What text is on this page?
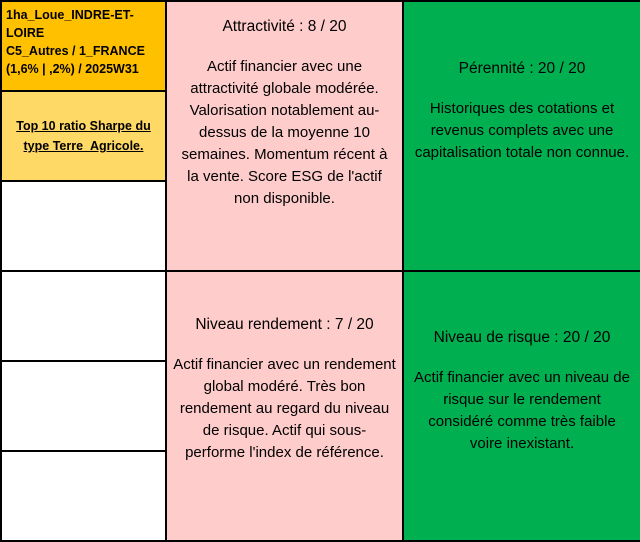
1ha_Loue_INDRE-ET-LOIRE
C5_Autres / 1_FRANCE
(1,6% | ,2%) / 2025W31
Top 10 ratio Sharpe du type Terre_Agricole.
Attractivité : 8 / 20
Actif financier avec une attractivité globale modérée. Valorisation notablement au-dessus de la moyenne 10 semaines. Momentum récent à la vente. Score ESG de l'actif non disponible.
Pérennité : 20 / 20
Historiques des cotations et revenus complets avec une capitalisation totale non connue.
Niveau rendement : 7 / 20
Actif financier avec un rendement global modéré. Très bon rendement au regard du niveau de risque. Actif qui sous-performe l'index de référence.
Niveau de risque : 20 / 20
Actif financier avec un niveau de risque sur le rendement considéré comme très faible voire inexistant.
